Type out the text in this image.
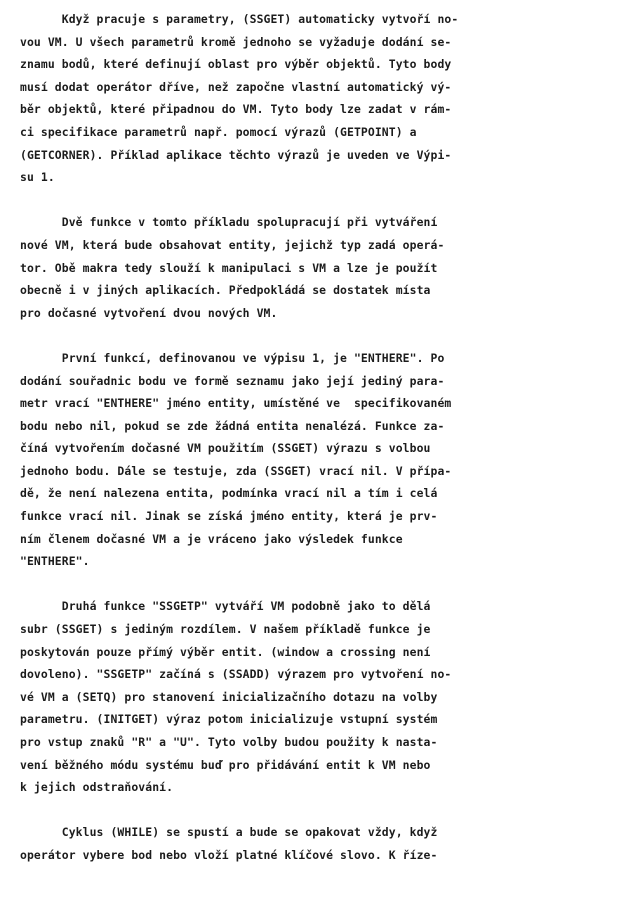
Když pracuje s parametry, (SSGET) automaticky vytvoří no-
vou VM. U všech parametrů kromě jednoho se vyžaduje dodání se-
znamu bodů, které definují oblast pro výběr objektů. Tyto body
musí dodat operátor dříve, než započne vlastní automatický vý-
běr objektů, které připadnou do VM. Tyto body lze zadat v rám-
ci specifikace parametrů např. pomocí výrazů (GETPOINT) a
(GETCORNER). Příklad aplikace těchto výrazů je uveden ve Výpi-
su 1.
Dvě funkce v tomto příkladu spolupracují při vytváření
nové VM, která bude obsahovat entity, jejichž typ zadá operá-
tor. Obě makra tedy slouží k manipulaci s VM a lze je použít
obecně i v jiných aplikacích. Předpokládá se dostatek místa
pro dočasné vytvoření dvou nových VM.
První funkcí, definovanou ve výpisu 1, je "ENTHERE". Po
dodání souřadnic bodu ve formě seznamu jako její jediný para-
metr vrací "ENTHERE" jméno entity, umístěné ve  specifikovaném
bodu nebo nil, pokud se zde žádná entita nenalézá. Funkce za-
číná vytvořením dočasné VM použitím (SSGET) výrazu s volbou
jednoho bodu. Dále se testuje, zda (SSGET) vrací nil. V přípa-
dě, že není nalezena entita, podmínka vrací nil a tím i celá
funkce vrací nil. Jinak se získá jméno entity, která je prv-
ním členem dočasné VM a je vráceno jako výsledek funkce
"ENTHERE".
Druhá funkce "SSGETP" vytváří VM podobně jako to dělá
subr (SSGET) s jediným rozdílem. V našem příkladě funkce je
poskytován pouze přímý výběr entit. (window a crossing není
dovoleno). "SSGETP" začíná s (SSADD) výrazem pro vytvoření no-
vé VM a (SETQ) pro stanovení inicializačního dotazu na volby
parametru. (INITGET) výraz potom inicializuje vstupní systém
pro vstup znaků "R" a "U". Tyto volby budou použity k nasta-
vení běžného módu systému buď pro přidávání entit k VM nebo
k jejich odstraňování.
Cyklus (WHILE) se spustí a bude se opakovat vždy, když
operátor vybere bod nebo vloží platné klíčové slovo. K říze-
